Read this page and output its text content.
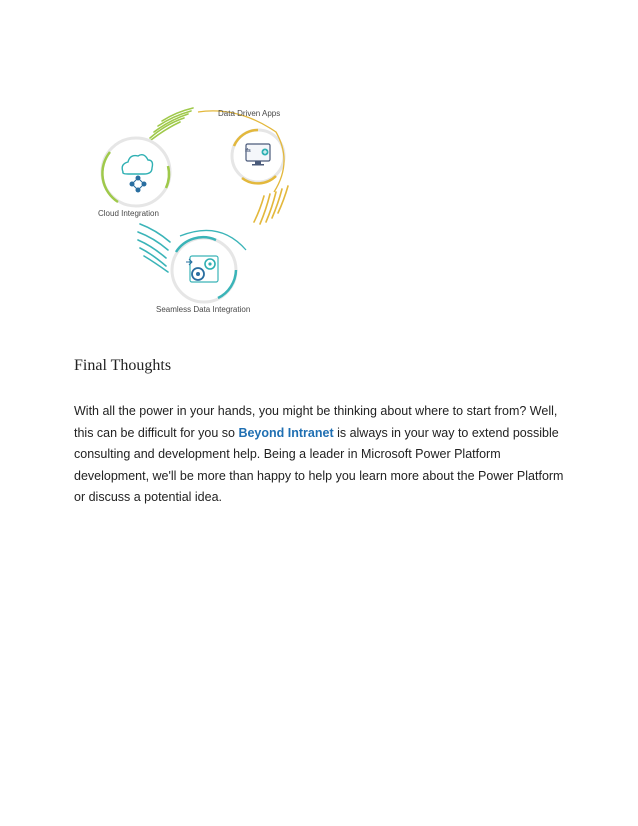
Data Driven Apps
Cloud Integration
Seamless Data Integration
ifs
Final Thoughts
With all the power in your hands, you might be thinking about where to start from? Well, this can be difficult for you so Beyond Intranet is always in your way to extend possible consulting and development help. Being a leader in Microsoft Power Platform development, we'll be more than happy to help you learn more about the Power Platform or discuss a potential idea.
